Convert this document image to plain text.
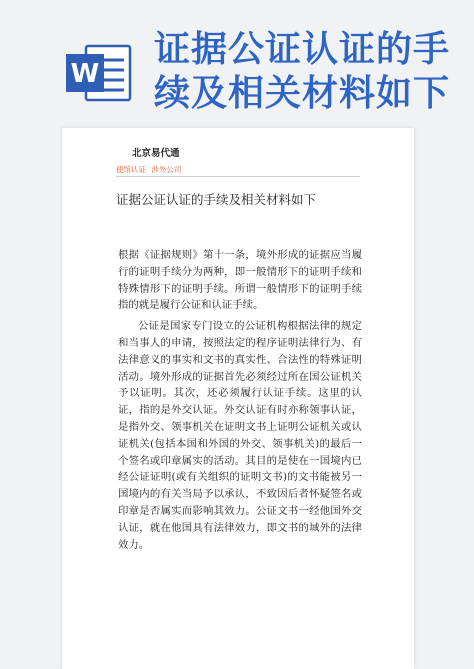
W
证据公证认证的手续及相关材料如下
北京易代通
使馆认证 涉外公司
证据公证认证的手续及相关材料如下

根据《证据规则》第十一条，境外形成的证据应当履行的证明手续分为两种，即一般情形下的证明手续和特殊情形下的证明手续。所谓一般情形下的证明手续指的就是履行公证和认证手续。

公证是国家专门设立的公证机构根据法律的规定和当事人的申请，按照法定的程序证明法律行为、有法律意义的事实和文书的真实性、合法性的特殊证明活动。境外形成的证据首先必须经过所在国公证机关予以证明。其次，还必须履行认证手续。这里的认证，指的是外交认证。外交认证有时亦称领事认证，是指外交、领事机关在证明文书上证明公证机关或认证机关(包括本国和外国的外交、领事机关)的最后一个签名或印章属实的活动。其目的是使在一国境内已经公证证明(或有关组织的证明文书)的文书能被另一国境内的有关当局予以承认，不致因后者怀疑签名或印章是否属实而影响其效力。公证文书一经他国外交认证，就在他国具有法律效力，即文书的域外的法律效力。
